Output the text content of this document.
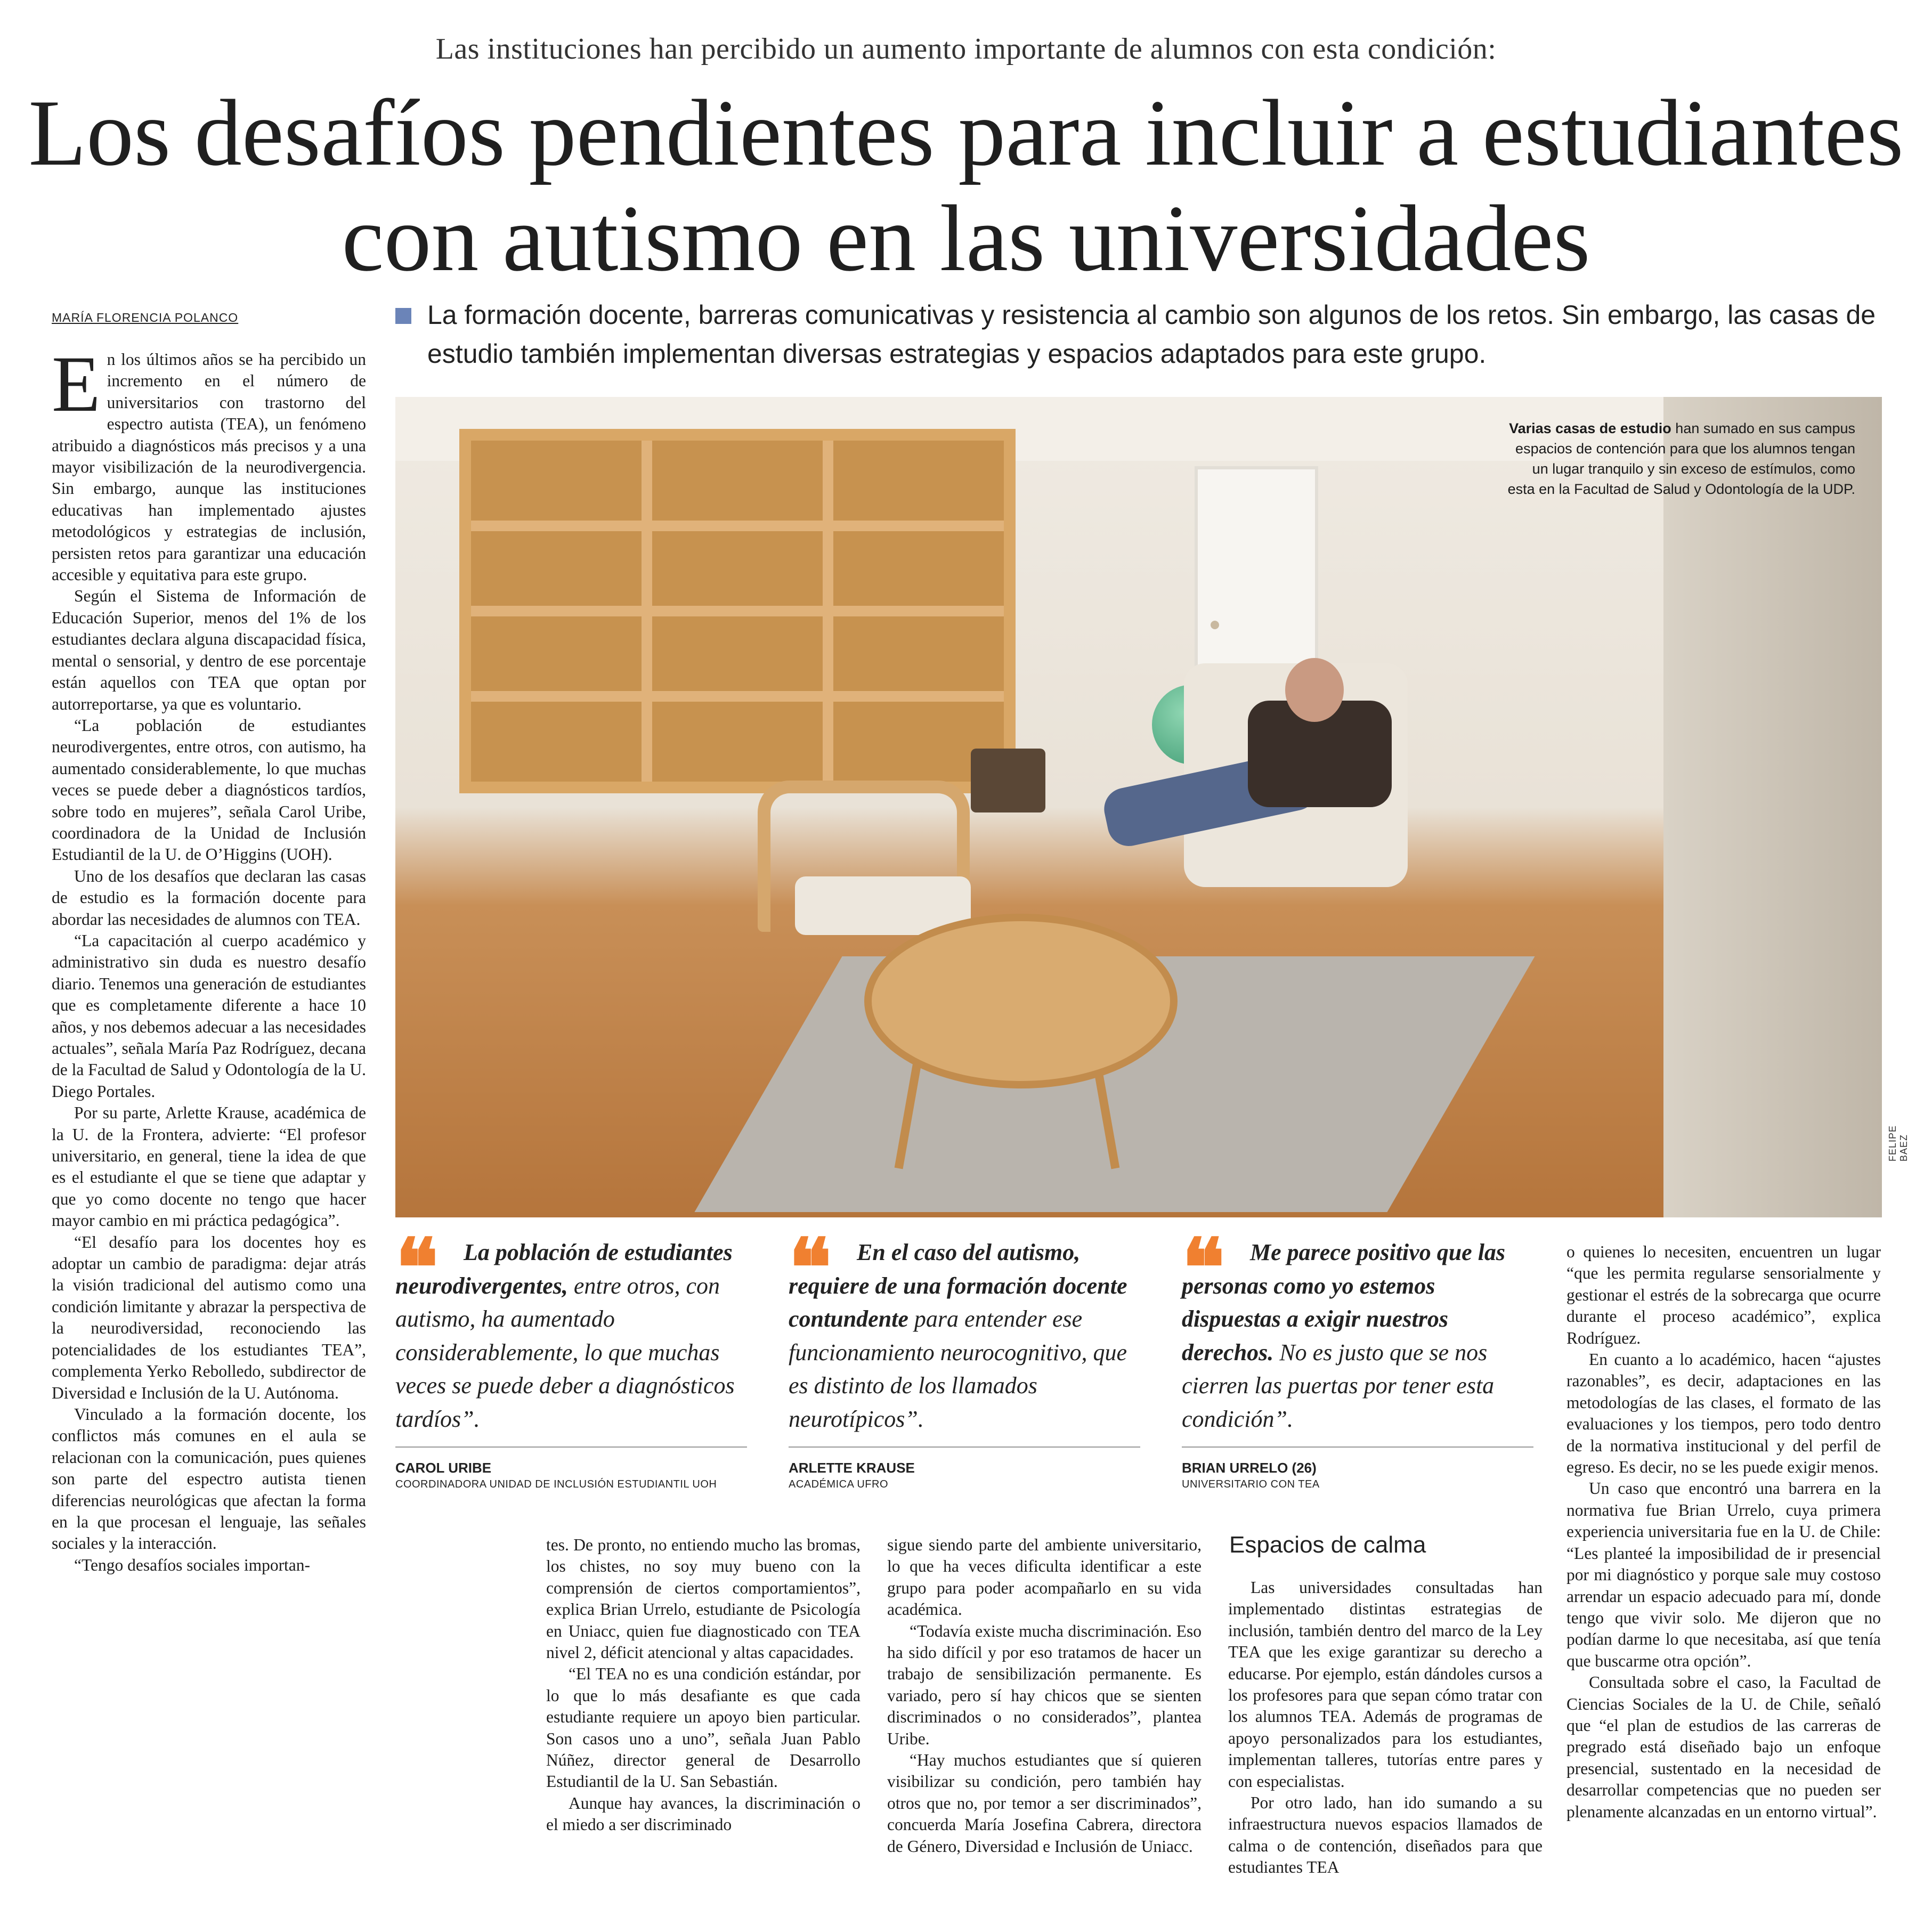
Las instituciones han percibido un aumento importante de alumnos con esta condición:
Los desafíos pendientes para incluir a estudiantes con autismo en las universidades
MARÍA FLORENCIA POLANCO	La formación docente, barreras comunicativas y resistencia al cambio son algunos de los retos. Sin embargo, las casas de estudio también implementan diversas estrategias y espacios adaptados para este grupo.

En los últimos años se ha percibido un incremento en el número de universitarios con trastorno del espectro autista (TEA), un fenómeno atribuido a diagnósticos más precisos y a una mayor visibilización de la neurodivergencia. Sin embargo, aunque las instituciones educativas han implementado ajustes metodológicos y estrategias de inclusión, persisten retos para garantizar una educación accesible y equitativa para este grupo.

Según el Sistema de Información de Educación Superior, menos del 1% de los estudiantes declara alguna discapacidad física, mental o sensorial, y dentro de ese porcentaje están aquellos con TEA que optan por autorreportarse, ya que es voluntario.

“La población de estudiantes neurodivergentes, entre otros, con autismo, ha aumentado considerablemente, lo que muchas veces se puede deber a diagnósticos tardíos, sobre todo en mujeres”, señala Carol Uribe, coordinadora de la Unidad de Inclusión Estudiantil de la U. de O’Higgins (UOH).

Uno de los desafíos que declaran las casas de estudio es la formación docente para abordar las necesidades de alumnos con TEA.

“La capacitación al cuerpo académico y administrativo sin duda es nuestro desafío diario. Tenemos una generación de estudiantes que es completamente diferente a hace 10 años, y nos debemos adecuar a las necesidades actuales”, señala María Paz Rodríguez, decana de la Facultad de Salud y Odontología de la U. Diego Portales.

Por su parte, Arlette Krause, académica de la U. de la Frontera, advierte: “El profesor universitario, en general, tiene la idea de que es el estudiante el que se tiene que adaptar y que yo como docente no tengo que hacer mayor cambio en mi práctica pedagógica”.

“El desafío para los docentes hoy es adoptar un cambio de paradigma: dejar atrás la visión tradicional del autismo como una condición limitante y abrazar la perspectiva de la neurodiversidad, reconociendo las potencialidades de los estudiantes TEA”, complementa Yerko Rebolledo, subdirector de Diversidad e Inclusión de la U. Autónoma.

Vinculado a la formación docente, los conflictos más comunes en el aula se relacionan con la comunicación, pues quienes son parte del espectro autista tienen diferencias neurológicas que afectan la forma en la que procesan el lenguaje, las señales sociales y la interacción.

“Tengo desafíos sociales importan-

Varias casas de estudio han sumado en sus campus espacios de contención para que los alumnos tengan un lugar tranquilo y sin exceso de estímulos, como esta en la Facultad de Salud y Odontología de la UDP.
FELIPE BAEZ
❝	La población de estudiantes neurodivergentes, entre otros, con autismo, ha aumentado considerablemente, lo que muchas veces se puede deber a diagnósticos tardíos”.
CAROL URIBE
COORDINADORA UNIDAD DE INCLUSIÓN ESTUDIANTIL UOH
❝	En el caso del autismo, requiere de una formación docente contundente para entender ese funcionamiento neurocognitivo, que es distinto de los llamados neurotípicos”.
ARLETTE KRAUSE
ACADÉMICA UFRO
❝	Me parece positivo que las personas como yo estemos dispuestas a exigir nuestros derechos. No es justo que se nos cierren las puertas por tener esta condición”.
BRIAN URRELO (26)
UNIVERSITARIO CON TEA

tes. De pronto, no entiendo mucho las bromas, los chistes, no soy muy bueno con la comprensión de ciertos comportamientos”, explica Brian Urrelo, estudiante de Psicología en Uniacc, quien fue diagnosticado con TEA nivel 2, déficit atencional y altas capacidades.

“El TEA no es una condición estándar, por lo que lo más desafiante es que cada estudiante requiere un apoyo bien particular. Son casos uno a uno”, señala Juan Pablo Núñez, director general de Desarrollo Estudiantil de la U. San Sebastián.

Aunque hay avances, la discriminación o el miedo a ser discriminado

sigue siendo parte del ambiente universitario, lo que ha veces dificulta identificar a este grupo para poder acompañarlo en su vida académica.

“Todavía existe mucha discriminación. Eso ha sido difícil y por eso tratamos de hacer un trabajo de sensibilización permanente. Es variado, pero sí hay chicos que se sienten discriminados o no considerados”, plantea Uribe.

“Hay muchos estudiantes que sí quieren visibilizar su condición, pero también hay otros que no, por temor a ser discriminados”, concuerda María Josefina Cabrera, directora de Género, Diversidad e Inclusión de Uniacc.

Espacios de calma

Las universidades consultadas han implementado distintas estrategias de inclusión, también dentro del marco de la Ley TEA que les exige garantizar su derecho a educarse. Por ejemplo, están dándoles cursos a los profesores para que sepan cómo tratar con los alumnos TEA. Además de programas de apoyo personalizados para los estudiantes, implementan talleres, tutorías entre pares y con especialistas.

Por otro lado, han ido sumando a su infraestructura nuevos espacios llamados de calma o de contención, diseñados para que estudiantes TEA

o quienes lo necesiten, encuentren un lugar “que les permita regularse sensorialmente y gestionar el estrés de la sobrecarga que ocurre durante el proceso académico”, explica Rodríguez.

En cuanto a lo académico, hacen “ajustes razonables”, es decir, adaptaciones en las metodologías de las clases, el formato de las evaluaciones y los tiempos, pero todo dentro de la normativa institucional y del perfil de egreso. Es decir, no se les puede exigir menos.

Un caso que encontró una barrera en la normativa fue Brian Urrelo, cuya primera experiencia universitaria fue en la U. de Chile: “Les planteé la imposibilidad de ir presencial por mi diagnóstico y porque sale muy costoso arrendar un espacio adecuado para mí, donde tengo que vivir solo. Me dijeron que no podían darme lo que necesitaba, así que tenía que buscarme otra opción”.

Consultada sobre el caso, la Facultad de Ciencias Sociales de la U. de Chile, señaló que “el plan de estudios de las carreras de pregrado está diseñado bajo un enfoque presencial, sustentado en la necesidad de desarrollar competencias que no pueden ser plenamente alcanzadas en un entorno virtual”.
